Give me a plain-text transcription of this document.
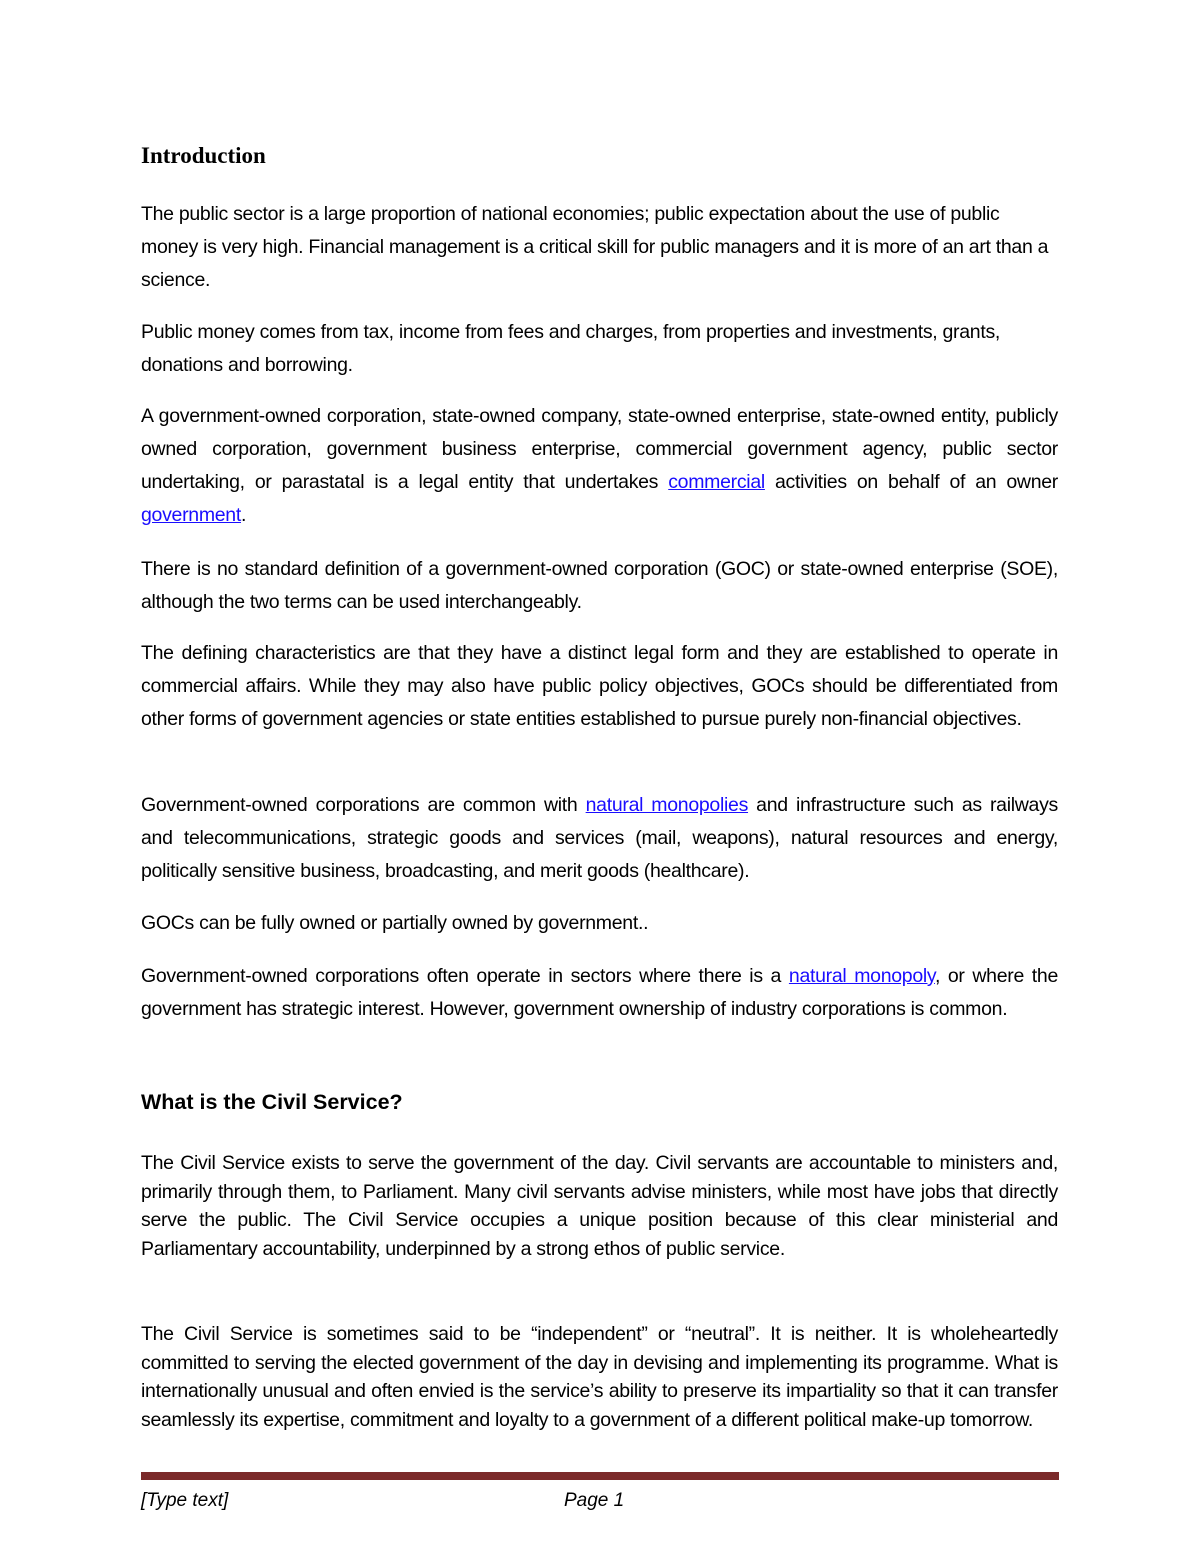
Introduction

The public sector is a large proportion of national economies; public expectation about the use of public money is very high. Financial management is a critical skill for public managers and it is more of an art than a science.

Public money comes from tax, income from fees and charges, from properties and investments, grants, donations and borrowing.

A government-owned corporation, state-owned company, state-owned enterprise, state-owned entity, publicly owned corporation, government business enterprise, commercial government agency, public sector undertaking, or parastatal is a legal entity that undertakes commercial activities on behalf of an owner government.

There is no standard definition of a government-owned corporation (GOC) or state-owned enterprise (SOE), although the two terms can be used interchangeably.

The defining characteristics are that they have a distinct legal form and they are established to operate in commercial affairs. While they may also have public policy objectives, GOCs should be differentiated from other forms of government agencies or state entities established to pursue purely non-financial objectives.

Government-owned corporations are common with natural monopolies and infrastructure such as railways and telecommunications, strategic goods and services (mail, weapons), natural resources and energy, politically sensitive business, broadcasting, and merit goods (healthcare).

GOCs can be fully owned or partially owned by government..

Government-owned corporations often operate in sectors where there is a natural monopoly, or where the government has strategic interest. However, government ownership of industry corporations is common.

What is the Civil Service?

The Civil Service exists to serve the government of the day. Civil servants are accountable to ministers and, primarily through them, to Parliament. Many civil servants advise ministers, while most have jobs that directly serve the public. The Civil Service occupies a unique position because of this clear ministerial and Parliamentary accountability, underpinned by a strong ethos of public service.

The Civil Service is sometimes said to be “independent” or “neutral”. It is neither. It is wholeheartedly committed to serving the elected government of the day in devising and implementing its programme. What is internationally unusual and often envied is the service’s ability to preserve its impartiality so that it can transfer seamlessly its expertise, commitment and loyalty to a government of a different political make-up tomorrow.

[Type text]	Page 1
